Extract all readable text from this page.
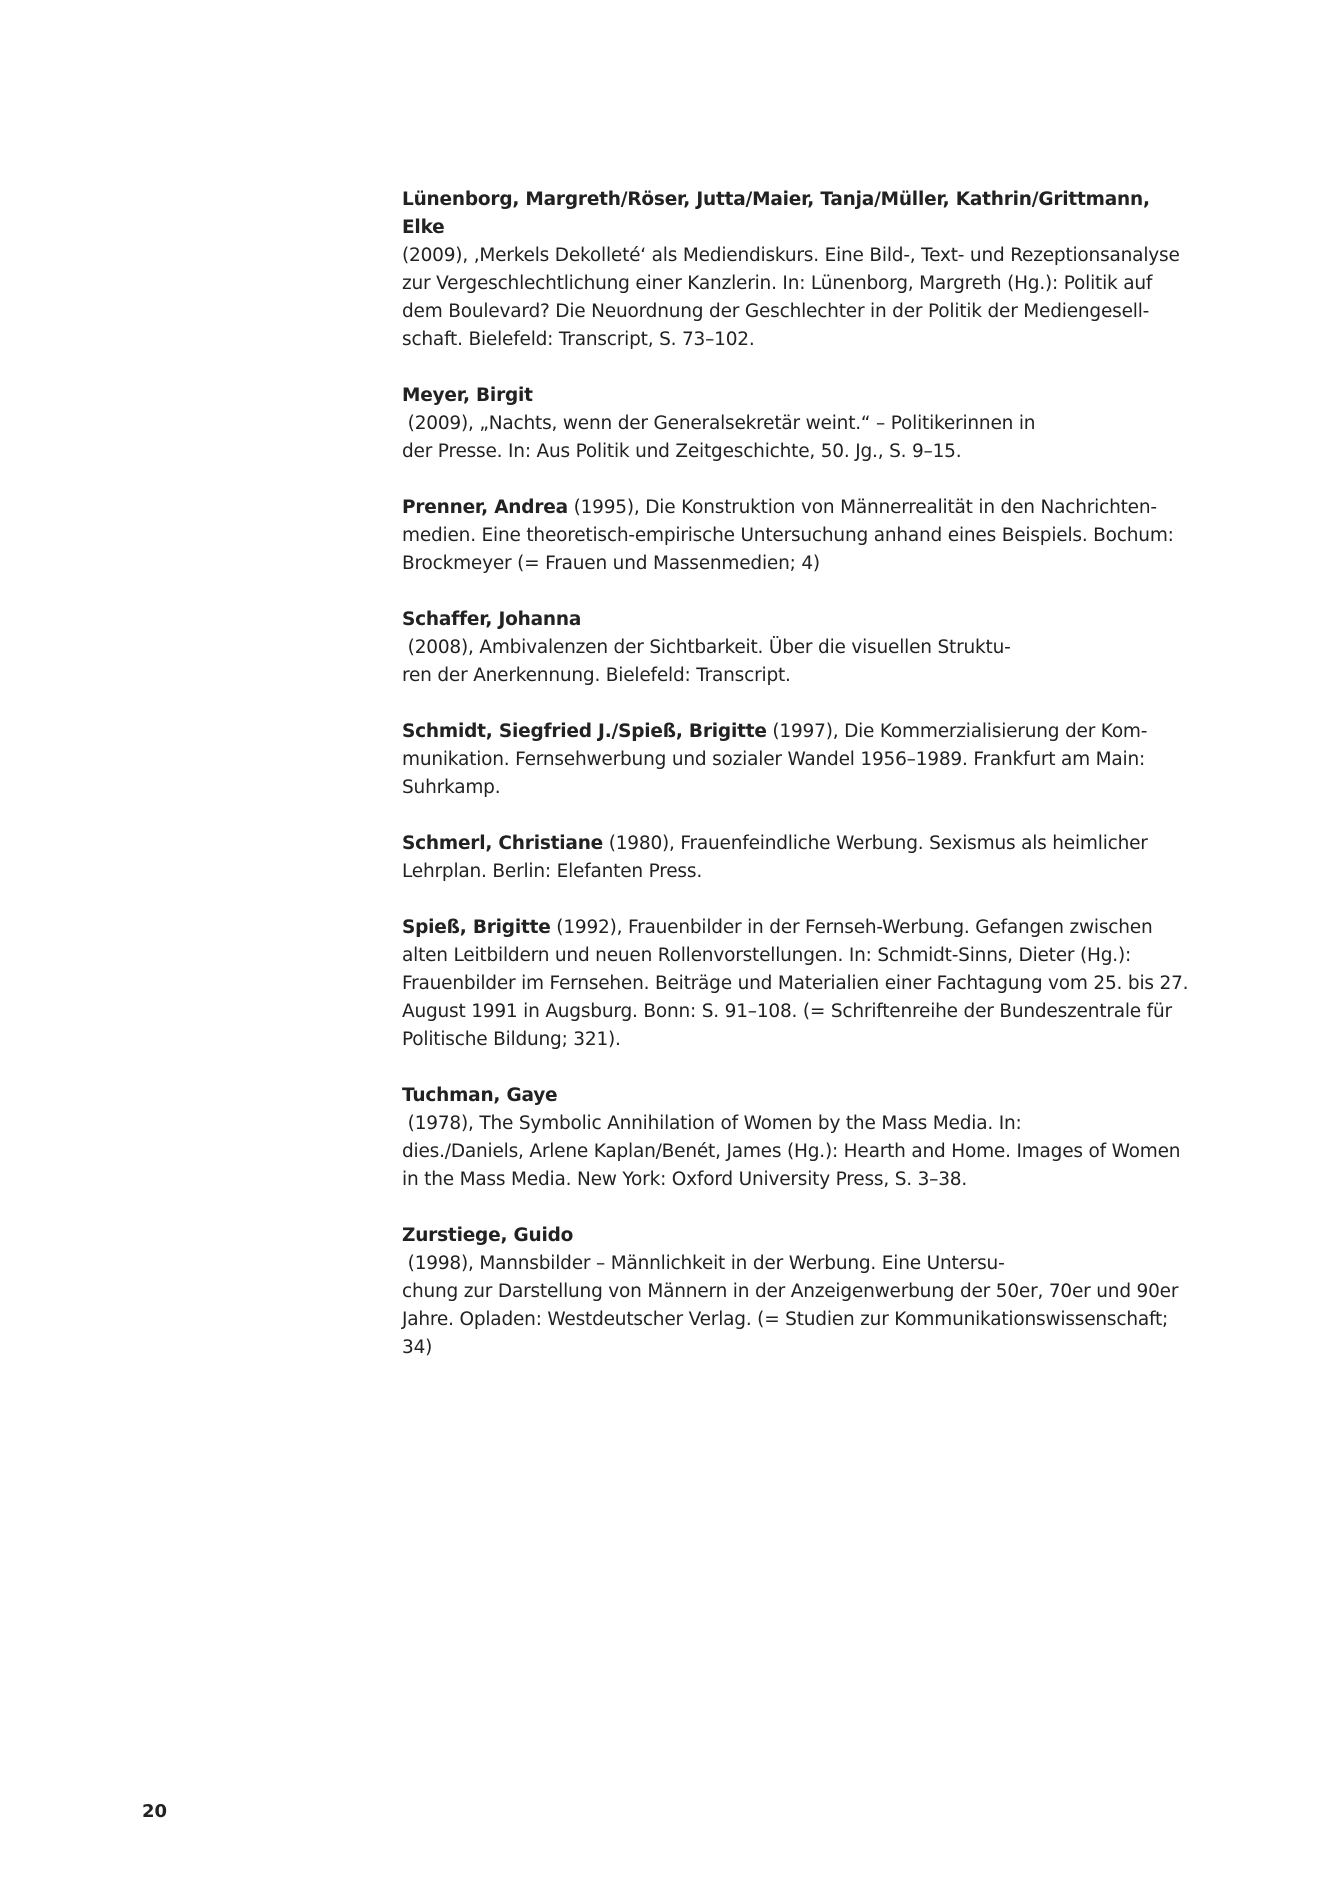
Lünenborg, Margreth/Röser, Jutta/Maier, Tanja/Müller, Kathrin/Grittmann, Elke
(2009), ‚Merkels Dekolleté‘ als Mediendiskurs. Eine Bild-, Text- und Rezeptionsanalyse
zur Vergeschlechtlichung einer Kanzlerin. In: Lünenborg, Margreth (Hg.): Politik auf
dem Boulevard? Die Neuordnung der Geschlechter in der Politik der Mediengesell-
schaft. Bielefeld: Transcript, S. 73–102.
Meyer, Birgit (2009), „Nachts, wenn der Generalsekretär weint.“ – Politikerinnen in
der Presse. In: Aus Politik und Zeitgeschichte, 50. Jg., S. 9–15.
Prenner, Andrea (1995), Die Konstruktion von Männerrealität in den Nachrichten-
medien. Eine theoretisch-empirische Untersuchung anhand eines Beispiels. Bochum:
Brockmeyer (= Frauen und Massenmedien; 4)
Schaffer, Johanna (2008), Ambivalenzen der Sichtbarkeit. Über die visuellen Struktu-
ren der Anerkennung. Bielefeld: Transcript.
Schmidt, Siegfried J./Spieß, Brigitte (1997), Die Kommerzialisierung der Kom-
munikation. Fernsehwerbung und sozialer Wandel 1956–1989. Frankfurt am Main:
Suhrkamp.
Schmerl, Christiane (1980), Frauenfeindliche Werbung. Sexismus als heimlicher
Lehrplan. Berlin: Elefanten Press.
Spieß, Brigitte (1992), Frauenbilder in der Fernseh-Werbung. Gefangen zwischen
alten Leitbildern und neuen Rollenvorstellungen. In: Schmidt-Sinns, Dieter (Hg.):
Frauenbilder im Fernsehen. Beiträge und Materialien einer Fachtagung vom 25. bis 27.
August 1991 in Augsburg. Bonn: S. 91–108. (= Schriftenreihe der Bundeszentrale für
Politische Bildung; 321).
Tuchman, Gaye (1978), The Symbolic Annihilation of Women by the Mass Media. In:
dies./Daniels, Arlene Kaplan/Benét, James (Hg.): Hearth and Home. Images of Women
in the Mass Media. New York: Oxford University Press, S. 3–38.
Zurstiege, Guido (1998), Mannsbilder – Männlichkeit in der Werbung. Eine Untersu-
chung zur Darstellung von Männern in der Anzeigenwerbung der 50er, 70er und 90er
Jahre. Opladen: Westdeutscher Verlag. (= Studien zur Kommunikationswissenschaft;
34)
20
